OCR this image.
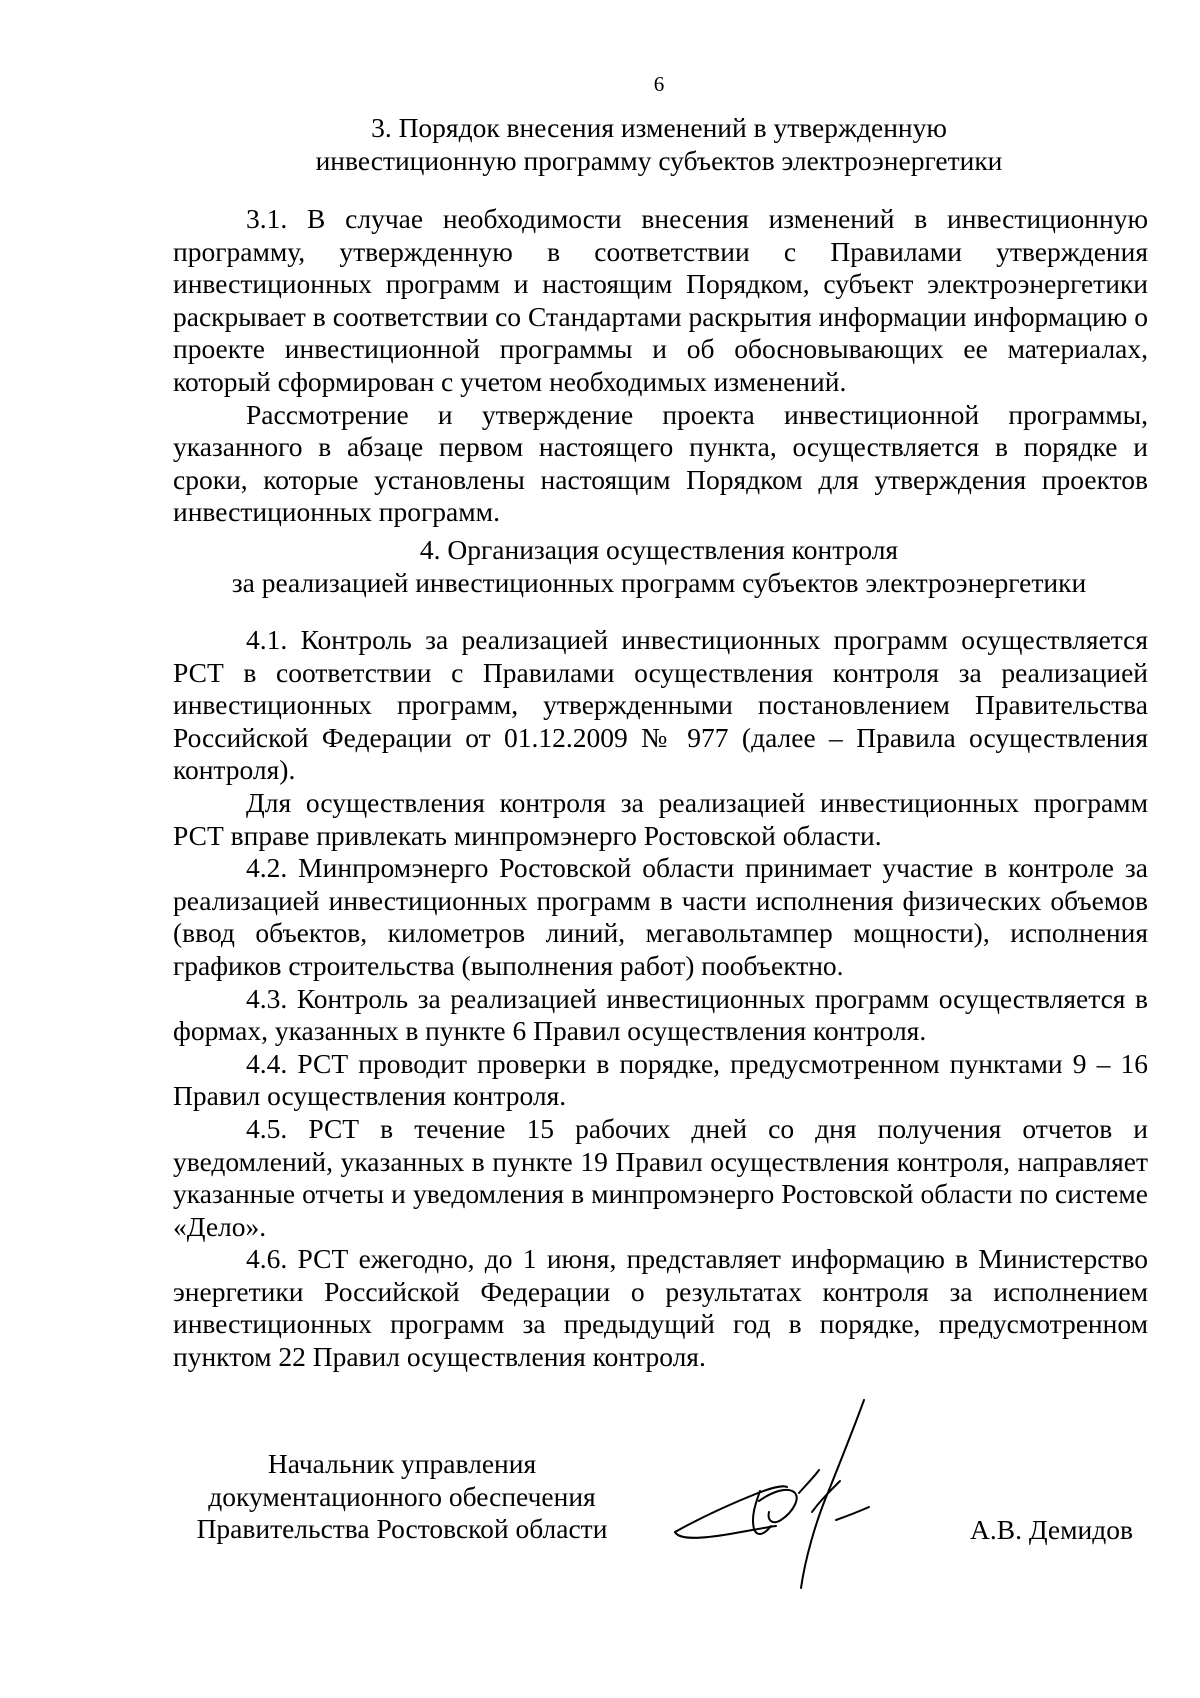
6
3. Порядок внесения изменений в утвержденную
инвестиционную программу субъектов электроэнергетики

3.1. В случае необходимости внесения изменений в инвестиционную программу, утвержденную в соответствии с Правилами утверждения инвестиционных программ и настоящим Порядком, субъект электроэнергетики раскрывает в соответствии со Стандартами раскрытия информации информацию о проекте инвестиционной программы и об обосновывающих ее материалах, который сформирован с учетом необходимых изменений.

Рассмотрение и утверждение проекта инвестиционной программы, указанного в абзаце первом настоящего пункта, осуществляется в порядке и сроки, которые установлены настоящим Порядком для утверждения проектов инвестиционных программ.

4. Организация осуществления контроля
за реализацией инвестиционных программ субъектов электроэнергетики

4.1. Контроль за реализацией инвестиционных программ осуществляется РСТ в соответствии с Правилами осуществления контроля за реализацией инвестиционных программ, утвержденными постановлением Правительства Российской Федерации от 01.12.2009 № 977 (далее – Правила осуществления контроля).

Для осуществления контроля за реализацией инвестиционных программ РСТ вправе привлекать минпромэнерго Ростовской области.

4.2. Минпромэнерго Ростовской области принимает участие в контроле за реализацией инвестиционных программ в части исполнения физических объемов (ввод объектов, километров линий, мегавольтампер мощности), исполнения графиков строительства (выполнения работ) пообъектно.

4.3. Контроль за реализацией инвестиционных программ осуществляется в формах, указанных в пункте 6 Правил осуществления контроля.

4.4. РСТ проводит проверки в порядке, предусмотренном пунктами 9 – 16 Правил осуществления контроля.

4.5. РСТ в течение 15 рабочих дней со дня получения отчетов и уведомлений, указанных в пункте 19 Правил осуществления контроля, направляет указанные отчеты и уведомления в минпромэнерго Ростовской области по системе «Дело».

4.6. РСТ ежегодно, до 1 июня, представляет информацию в Министерство энергетики Российской Федерации о результатах контроля за исполнением инвестиционных программ за предыдущий год в порядке, предусмотренном пунктом 22 Правил осуществления контроля.

Начальник управления
документационного обеспечения
Правительства Ростовской области	А.В. Демидов
